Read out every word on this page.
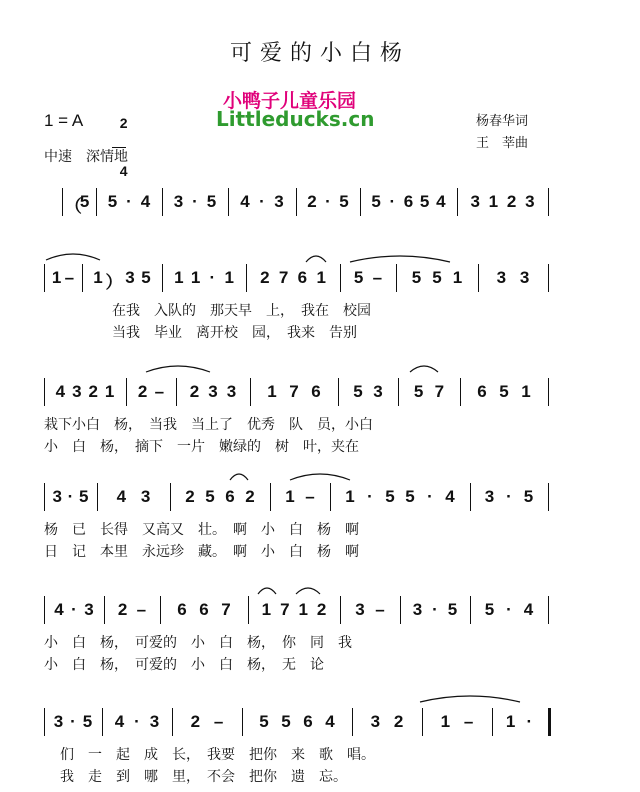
可爱的小白杨
小鸭子儿童乐园
Littleducks.cn
1 = A	2

4

中速　深情地
杨春华词
王　莘曲
（
5 5 · 4 3 · 5 4 · 3 2 · 5 5 · 6 5 4 3 1 2 3
1 – 1 ） 3 5 1 1 · 1 2 7 6 1 5 – 5 5 1 3 3
在我　入队的　那天早　上，　我在　校园
当我　毕业　离开校　园，　我来　告别
4 3 2 1 2 – 2 3 3 1 7 6 5 3 5 7 6 5 1
栽下小白　杨，　当我　当上了　优秀　队　员，小白
小　白　杨，　摘下　一片　嫩绿的　树　叶，夹在
3 · 5 4 3 2 5 6 2 1 – 1 · 5 5 · 4 3 · 5
杨　已　长得　又高又　壮。　啊　小　白　杨　啊
日　记　本里　永远珍　藏。　啊　小　白　杨　啊
4 · 3 2 – 6 6 7 1 7 1 2 3 – 3 · 5 5 · 4
小　白　杨，　可爱的　小　白　杨，　你　同　我
小　白　杨，　可爱的　小　白　杨，　无　论
3 · 5 4 · 3 2 – 5 5 6 4 3 2 1 – 1 ·
们　一　起　成　长，　我要　把你　来　歌　唱。
我　走　到　哪　里，　不会　把你　遗　忘。
